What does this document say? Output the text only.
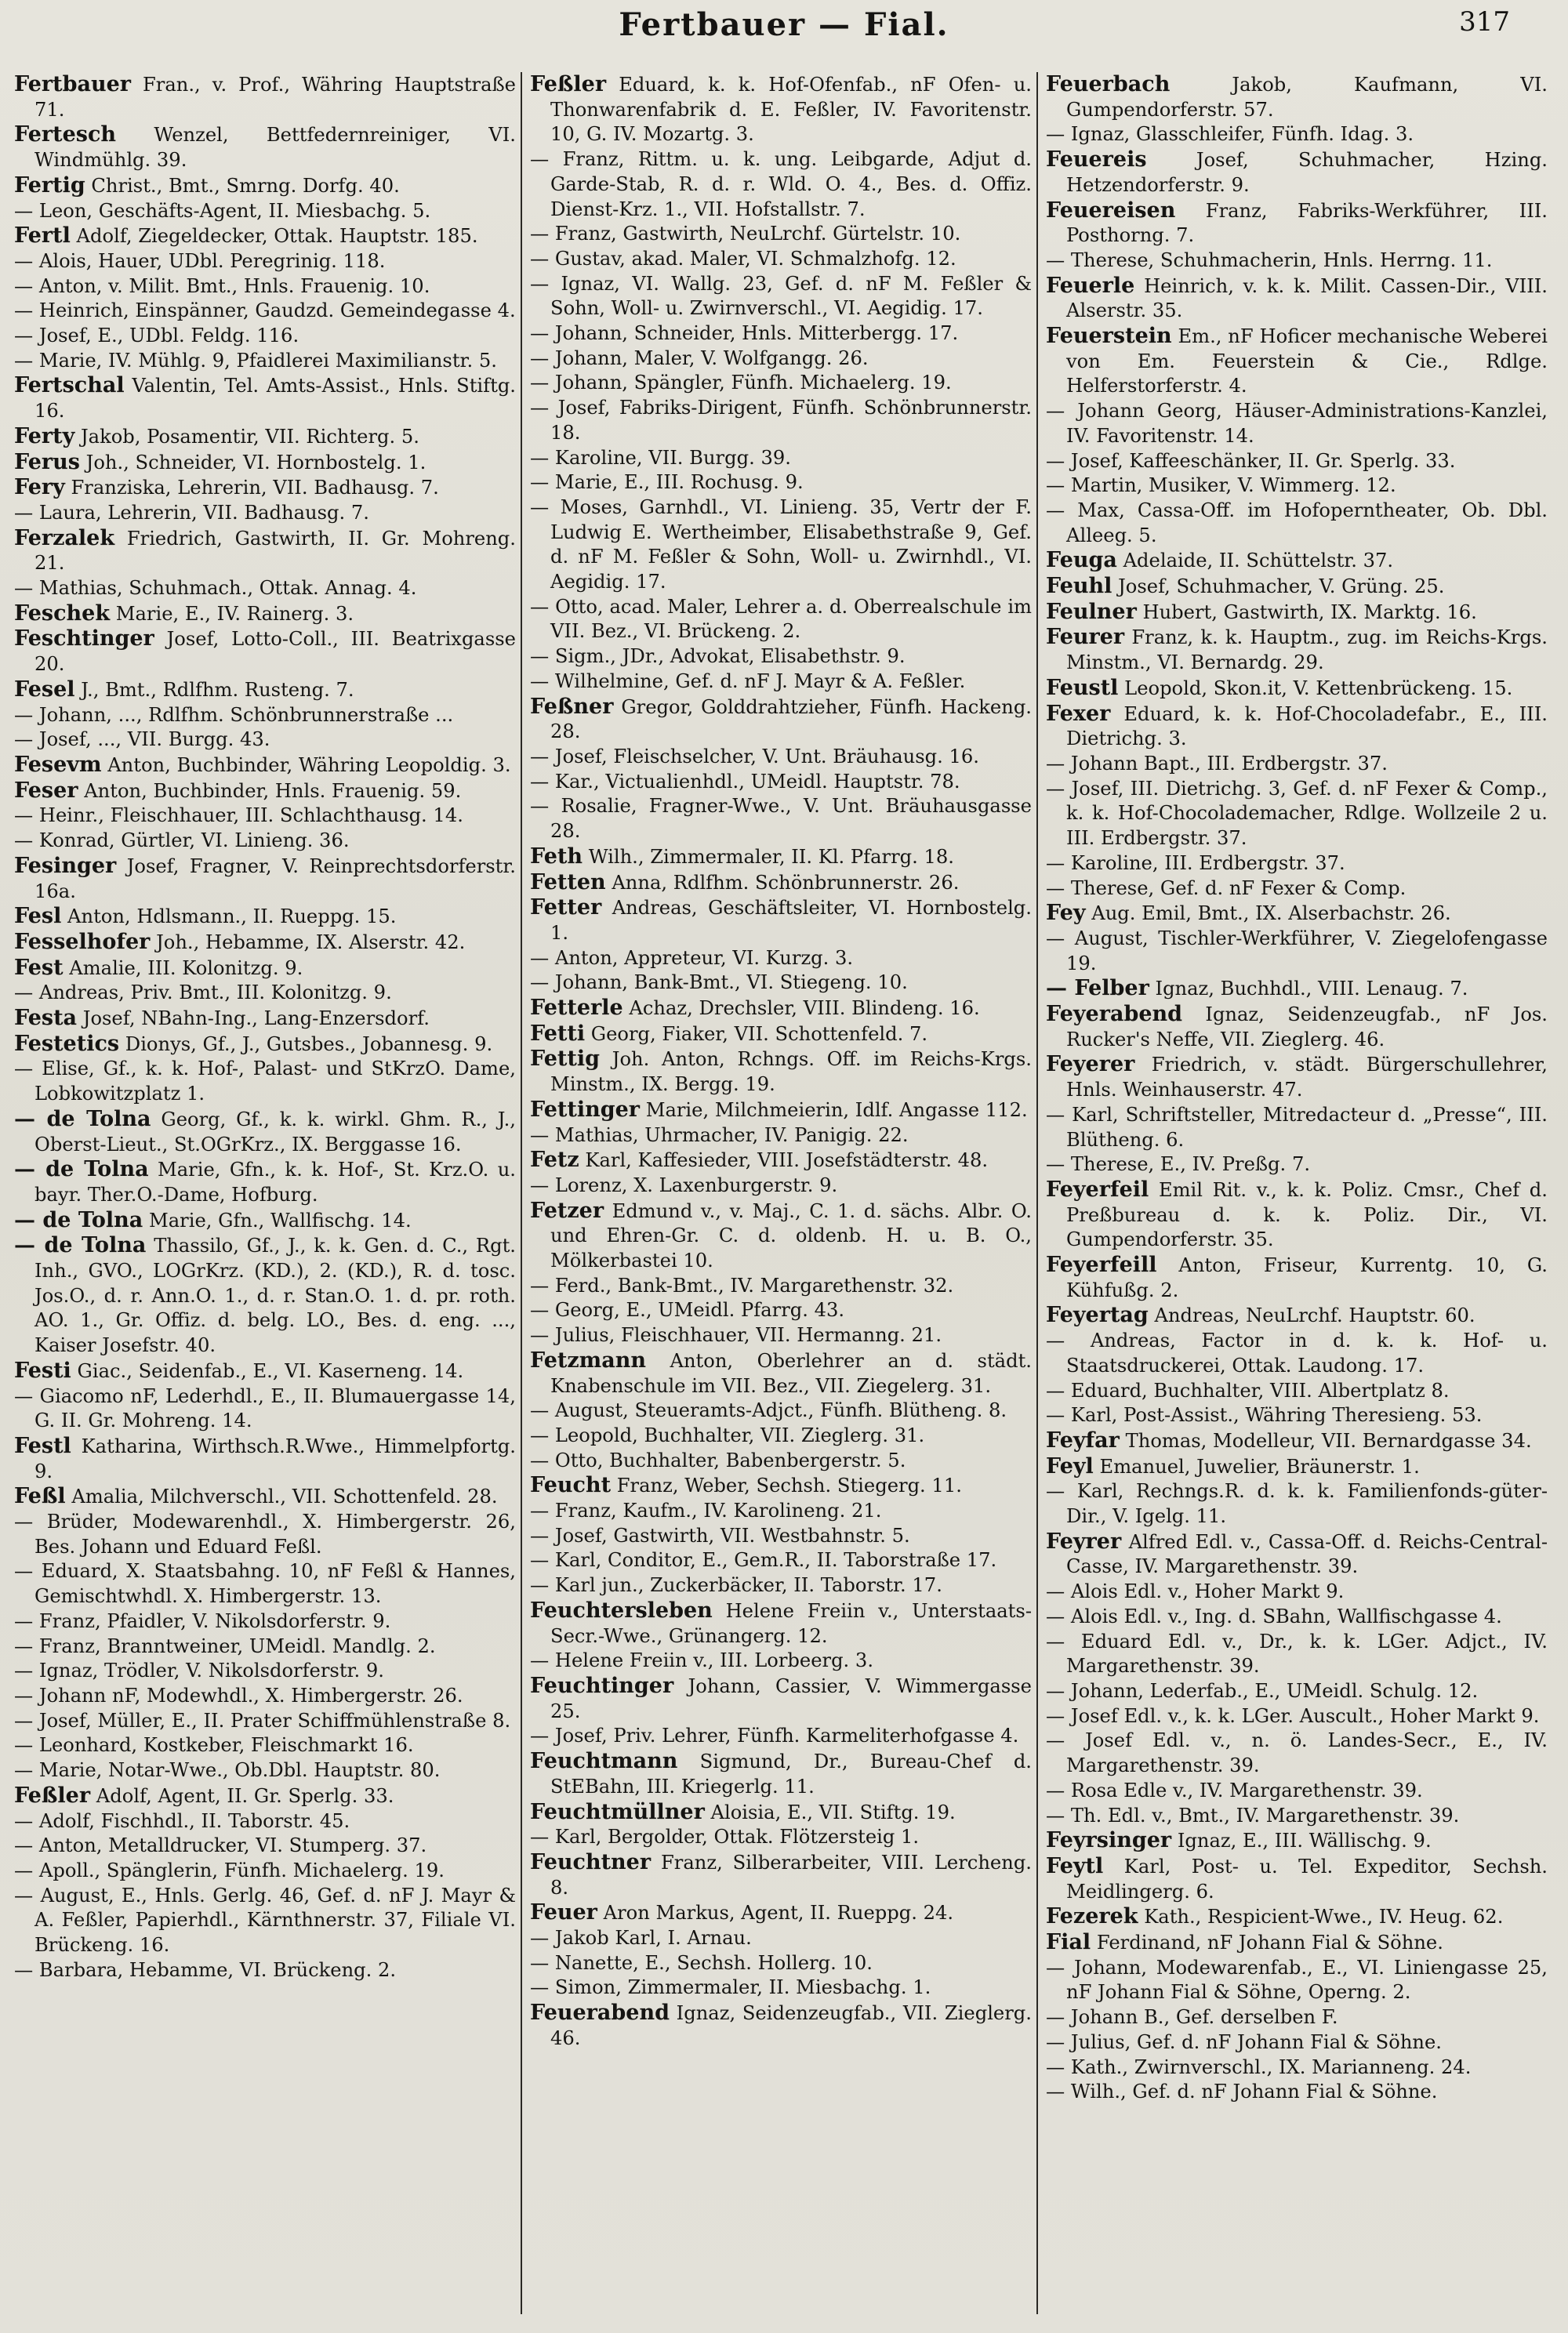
Fertbauer — Fial.	317
Fertbauer Fran., v. Prof., Währing Hauptstraße 71.
Fertesch Wenzel, Bettfedernreiniger, VI. Windmühlg. 39.
Fertig Christ., Bmt., Smrng. Dorfg. 40.
— Leon, Geschäfts-Agent, II. Miesbachg. 5.
Fertl Adolf, Ziegeldecker, Ottak. Hauptstr. 185.
— Alois, Hauer, UDbl. Peregrinig. 118.
— Anton, v. Milit. Bmt., Hnls. Frauenig. 10.
— Heinrich, Einspänner, Gaudzd. Gemeindegasse 4.
— Josef, E., UDbl. Feldg. 116.
— Marie, IV. Mühlg. 9, Pfaidlerei Maximilianstr. 5.
Fertschal Valentin, Tel. Amts-Assist., Hnls. Stiftg. 16.
Ferty Jakob, Posamentir, VII. Richterg. 5.
Ferus Joh., Schneider, VI. Hornbostelg. 1.
Fery Franziska, Lehrerin, VII. Badhausg. 7.
— Laura, Lehrerin, VII. Badhausg. 7.
Ferzalek Friedrich, Gastwirth, II. Gr. Mohreng. 21.
— Mathias, Schuhmach., Ottak. Annag. 4.
Feschek Marie, E., IV. Rainerg. 3.
Feschtinger Josef, Lotto-Coll., III. Beatrixgasse 20.
Fesel J., Bmt., Rdlfhm. Rusteng. 7.
— Johann, ..., Rdlfhm. Schönbrunnerstraße ...
— Josef, ..., VII. Burgg. 43.
Fesevm Anton, Buchbinder, Währing Leopoldig. 3.
Feser Anton, Buchbinder, Hnls. Frauenig. 59.
— Heinr., Fleischhauer, III. Schlachthausg. 14.
— Konrad, Gürtler, VI. Linieng. 36.
Fesinger Josef, Fragner, V. Reinprechtsdorferstr. 16a.
Fesl Anton, Hdlsmann., II. Rueppg. 15.
Fesselhofer Joh., Hebamme, IX. Alserstr. 42.
Fest Amalie, III. Kolonitzg. 9.
— Andreas, Priv. Bmt., III. Kolonitzg. 9.
Festa Josef, NBahn-Ing., Lang-Enzersdorf.
Festetics Dionys, Gf., J., Gutsbes., Jobannesg. 9.
— Elise, Gf., k. k. Hof-, Palast- und StKrzO. Dame, Lobkowitzplatz 1.
— de Tolna Georg, Gf., k. k. wirkl. Ghm. R., J., Oberst-Lieut., St.OGrKrz., IX. Berggasse 16.
— de Tolna Marie, Gfn., k. k. Hof-, St. Krz.O. u. bayr. Ther.O.-Dame, Hofburg.
— de Tolna Marie, Gfn., Wallfischg. 14.
— de Tolna Thassilo, Gf., J., k. k. Gen. d. C., Rgt. Inh., GVO., LOGrKrz. (KD.), 2. (KD.), R. d. tosc. Jos.O., d. r. Ann.O. 1., d. r. Stan.O. 1. d. pr. roth. AO. 1., Gr. Offiz. d. belg. LO., Bes. d. eng. ..., Kaiser Josefstr. 40.
Festi Giac., Seidenfab., E., VI. Kaserneng. 14.
— Giacomo nF, Lederhdl., E., II. Blumauergasse 14, G. II. Gr. Mohreng. 14.
Festl Katharina, Wirthsch.R.Wwe., Himmelpfortg. 9.
Feßl Amalia, Milchverschl., VII. Schottenfeld. 28.
— Brüder, Modewarenhdl., X. Himbergerstr. 26, Bes. Johann und Eduard Feßl.
— Eduard, X. Staatsbahng. 10, nF Feßl & Hannes, Gemischtwhdl. X. Himbergerstr. 13.
— Franz, Pfaidler, V. Nikolsdorferstr. 9.
— Franz, Branntweiner, UMeidl. Mandlg. 2.
— Ignaz, Trödler, V. Nikolsdorferstr. 9.
— Johann nF, Modewhdl., X. Himbergerstr. 26.
— Josef, Müller, E., II. Prater Schiffmühlenstraße 8.
— Leonhard, Kostkeber, Fleischmarkt 16.
— Marie, Notar-Wwe., Ob.Dbl. Hauptstr. 80.
Feßler Adolf, Agent, II. Gr. Sperlg. 33.
— Adolf, Fischhdl., II. Taborstr. 45.
— Anton, Metalldrucker, VI. Stumperg. 37.
— Apoll., Spänglerin, Fünfh. Michaelerg. 19.
— August, E., Hnls. Gerlg. 46, Gef. d. nF J. Mayr & A. Feßler, Papierhdl., Kärnthnerstr. 37, Filiale VI. Brückeng. 16.
— Barbara, Hebamme, VI. Brückeng. 2.
Feßler Eduard, k. k. Hof-Ofenfab., nF Ofen- u. Thonwarenfabrik d. E. Feßler, IV. Favoritenstr. 10, G. IV. Mozartg. 3.
— Franz, Rittm. u. k. ung. Leibgarde, Adjut d. Garde-Stab, R. d. r. Wld. O. 4., Bes. d. Offiz. Dienst-Krz. 1., VII. Hofstallstr. 7.
— Franz, Gastwirth, NeuLrchf. Gürtelstr. 10.
— Gustav, akad. Maler, VI. Schmalzhofg. 12.
— Ignaz, VI. Wallg. 23, Gef. d. nF M. Feßler & Sohn, Woll- u. Zwirnverschl., VI. Aegidig. 17.
— Johann, Schneider, Hnls. Mitterbergg. 17.
— Johann, Maler, V. Wolfgangg. 26.
— Johann, Spängler, Fünfh. Michaelerg. 19.
— Josef, Fabriks-Dirigent, Fünfh. Schönbrunnerstr. 18.
— Karoline, VII. Burgg. 39.
— Marie, E., III. Rochusg. 9.
— Moses, Garnhdl., VI. Linieng. 35, Vertr der F. Ludwig E. Wertheimber, Elisabethstraße 9, Gef. d. nF M. Feßler & Sohn, Woll- u. Zwirnhdl., VI. Aegidig. 17.
— Otto, acad. Maler, Lehrer a. d. Oberrealschule im VII. Bez., VI. Brückeng. 2.
— Sigm., JDr., Advokat, Elisabethstr. 9.
— Wilhelmine, Gef. d. nF J. Mayr & A. Feßler.
Feßner Gregor, Golddrahtzieher, Fünfh. Hackeng. 28.
— Josef, Fleischselcher, V. Unt. Bräuhausg. 16.
— Kar., Victualienhdl., UMeidl. Hauptstr. 78.
— Rosalie, Fragner-Wwe., V. Unt. Bräuhausgasse 28.
Feth Wilh., Zimmermaler, II. Kl. Pfarrg. 18.
Fetten Anna, Rdlfhm. Schönbrunnerstr. 26.
Fetter Andreas, Geschäftsleiter, VI. Hornbostelg. 1.
— Anton, Appreteur, VI. Kurzg. 3.
— Johann, Bank-Bmt., VI. Stiegeng. 10.
Fetterle Achaz, Drechsler, VIII. Blindeng. 16.
Fetti Georg, Fiaker, VII. Schottenfeld. 7.
Fettig Joh. Anton, Rchngs. Off. im Reichs-Krgs. Minstm., IX. Bergg. 19.
Fettinger Marie, Milchmeierin, Idlf. Angasse 112.
— Mathias, Uhrmacher, IV. Panigig. 22.
Fetz Karl, Kaffesieder, VIII. Josefstädterstr. 48.
— Lorenz, X. Laxenburgerstr. 9.
Fetzer Edmund v., v. Maj., C. 1. d. sächs. Albr. O. und Ehren-Gr. C. d. oldenb. H. u. B. O., Mölkerbastei 10.
— Ferd., Bank-Bmt., IV. Margarethenstr. 32.
— Georg, E., UMeidl. Pfarrg. 43.
— Julius, Fleischhauer, VII. Hermanng. 21.
Fetzmann Anton, Oberlehrer an d. städt. Knabenschule im VII. Bez., VII. Ziegelerg. 31.
— August, Steueramts-Adjct., Fünfh. Blütheng. 8.
— Leopold, Buchhalter, VII. Zieglerg. 31.
— Otto, Buchhalter, Babenbergerstr. 5.
Feucht Franz, Weber, Sechsh. Stiegerg. 11.
— Franz, Kaufm., IV. Karolineng. 21.
— Josef, Gastwirth, VII. Westbahnstr. 5.
— Karl, Conditor, E., Gem.R., II. Taborstraße 17.
— Karl jun., Zuckerbäcker, II. Taborstr. 17.
Feuchtersleben Helene Freiin v., Unterstaats-Secr.-Wwe., Grünangerg. 12.
— Helene Freiin v., III. Lorbeerg. 3.
Feuchtinger Johann, Cassier, V. Wimmergasse 25.
— Josef, Priv. Lehrer, Fünfh. Karmeliterhofgasse 4.
Feuchtmann Sigmund, Dr., Bureau-Chef d. StEBahn, III. Kriegerlg. 11.
Feuchtmüllner Aloisia, E., VII. Stiftg. 19.
— Karl, Bergolder, Ottak. Flötzersteig 1.
Feuchtner Franz, Silberarbeiter, VIII. Lercheng. 8.
Feuer Aron Markus, Agent, II. Rueppg. 24.
— Jakob Karl, I. Arnau.
— Nanette, E., Sechsh. Hollerg. 10.
— Simon, Zimmermaler, II. Miesbachg. 1.
Feuerabend Ignaz, Seidenzeugfab., VII. Zieglerg. 46.
Feuerbach	Jakob, Kaufmann, VI. Gumpendorferstr. 57.
— Ignaz, Glasschleifer, Fünfh. Idag. 3.
Feuereis	Josef, Schuhmacher, Hzing. Hetzendorferstr. 9.
Feuereisen Franz, Fabriks-Werkführer, III. Posthorng. 7.
— Therese, Schuhmacherin, Hnls. Herrng. 11.
Feuerle Heinrich, v. k. k. Milit. Cassen-Dir., VIII. Alserstr. 35.
Feuerstein Em., nF Hoficer mechanische Weberei von Em. Feuerstein & Cie., Rdlge. Helferstorferstr. 4.
— Johann Georg, Häuser-Administrations-Kanzlei, IV. Favoritenstr. 14.
— Josef, Kaffeeschänker, II. Gr. Sperlg. 33.
— Martin, Musiker, V. Wimmerg. 12.
— Max, Cassa-Off. im Hofoperntheater, Ob. Dbl. Alleeg. 5.
Feuga Adelaide, II. Schüttelstr. 37.
Feuhl Josef, Schuhmacher, V. Grüng. 25.
Feulner Hubert, Gastwirth, IX. Marktg. 16.
Feurer Franz, k. k. Hauptm., zug. im Reichs-Krgs. Minstm., VI. Bernardg. 29.
Feustl Leopold, Skon.it, V. Kettenbrückeng. 15.
Fexer Eduard, k. k. Hof-Chocoladefabr., E., III. Dietrichg. 3.
— Johann Bapt., III. Erdbergstr. 37.
— Josef, III. Dietrichg. 3, Gef. d. nF Fexer & Comp., k. k. Hof-Chocolademacher, Rdlge. Wollzeile 2 u. III. Erdbergstr. 37.
— Karoline, III. Erdbergstr. 37.
— Therese, Gef. d. nF Fexer & Comp.
Fey Aug. Emil, Bmt., IX. Alserbachstr. 26.
— August, Tischler-Werkführer, V. Ziegelofengasse 19.
— Felber Ignaz, Buchhdl., VIII. Lenaug. 7.
Feyerabend Ignaz, Seidenzeugfab., nF Jos. Rucker's Neffe, VII. Zieglerg. 46.
Feyerer Friedrich, v. städt. Bürgerschullehrer, Hnls. Weinhauserstr. 47.
— Karl, Schriftsteller, Mitredacteur d. „Presse“, III. Blütheng. 6.
— Therese, E., IV. Preßg. 7.
Feyerfeil Emil Rit. v., k. k. Poliz. Cmsr., Chef d. Preßbureau d. k. k. Poliz. Dir., VI. Gumpendorferstr. 35.
Feyerfeill Anton, Friseur, Kurrentg. 10, G. Kühfußg. 2.
Feyertag Andreas, NeuLrchf. Hauptstr. 60.
— Andreas, Factor in d. k. k. Hof- u. Staatsdruckerei, Ottak. Laudong. 17.
— Eduard, Buchhalter, VIII. Albertplatz 8.
— Karl, Post-Assist., Währing Theresieng. 53.
Feyfar Thomas, Modelleur, VII. Bernardgasse 34.
Feyl Emanuel, Juwelier, Bräunerstr. 1.
— Karl, Rechngs.R. d. k. k. Familienfonds-güter-Dir., V. Igelg. 11.
Feyrer Alfred Edl. v., Cassa-Off. d. Reichs-Central-Casse, IV. Margarethenstr. 39.
— Alois Edl. v., Hoher Markt 9.
— Alois Edl. v., Ing. d. SBahn, Wallfischgasse 4.
— Eduard Edl. v., Dr., k. k. LGer. Adjct., IV. Margarethenstr. 39.
— Johann, Lederfab., E., UMeidl. Schulg. 12.
— Josef Edl. v., k. k. LGer. Auscult., Hoher Markt 9.
— Josef Edl. v., n. ö. Landes-Secr., E., IV. Margarethenstr. 39.
— Rosa Edle v., IV. Margarethenstr. 39.
— Th. Edl. v., Bmt., IV. Margarethenstr. 39.
Feyrsinger Ignaz, E., III. Wällischg. 9.
Feytl Karl, Post- u. Tel. Expeditor, Sechsh. Meidlingerg. 6.
Fezerek Kath., Respicient-Wwe., IV. Heug. 62.
Fial Ferdinand, nF Johann Fial & Söhne.
— Johann, Modewarenfab., E., VI. Liniengasse 25, nF Johann Fial & Söhne, Operng. 2.
— Johann B., Gef. derselben F.
— Julius, Gef. d. nF Johann Fial & Söhne.
— Kath., Zwirnverschl., IX. Marianneng. 24.
— Wilh., Gef. d. nF Johann Fial & Söhne.
